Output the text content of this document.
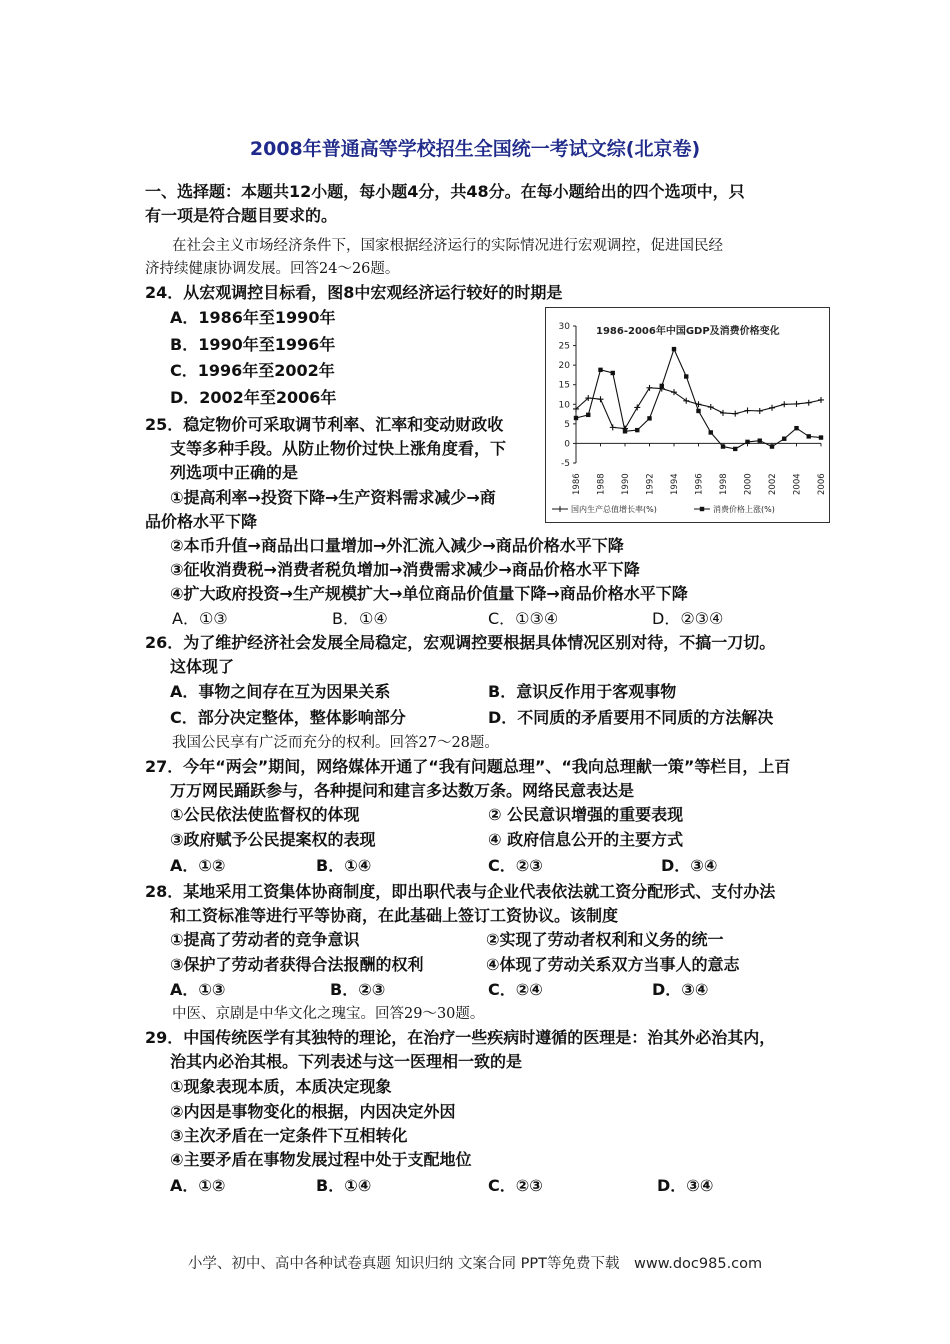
2008年普通高等学校招生全国统一考试文综(北京卷)
一、选择题：本题共12小题，每小题4分，共48分。在每小题给出的四个选项中，只
有一项是符合题目要求的。
在社会主义市场经济条件下，国家根据经济运行的实际情况进行宏观调控，促进国民经
济持续健康协调发展。回答24～26题。
24．从宏观调控目标看，图8中宏观经济运行较好的时期是
A．1986年至1990年
B．1990年至1996年
C．1996年至2002年
D．2002年至2006年
1986-2006年中国GDP及消费价格变化
30
25
20
15
10
5
0
-5
1986 1988 1990 1992 1994 1996 1998 2000 2002 2004 2006
国内生产总值增长率(%)	消费价格上涨(%)
25．稳定物价可采取调节利率、汇率和变动财政收
支等多种手段。从防止物价过快上涨角度看，下
列选项中正确的是
①提高利率→投资下降→生产资料需求减少→商
品价格水平下降
②本币升值→商品出口量增加→外汇流入减少→商品价格水平下降
③征收消费税→消费者税负增加→消费需求减少→商品价格水平下降
④扩大政府投资→生产规模扩大→单位商品价值量下降→商品价格水平下降
A．①③	B．①④	C．①③④	D．②③④
26．为了维护经济社会发展全局稳定，宏观调控要根据具体情况区别对待，不搞一刀切。
这体现了
A．事物之间存在互为因果关系	B．意识反作用于客观事物
C．部分决定整体，整体影响部分	D．不同质的矛盾要用不同质的方法解决
我国公民享有广泛而充分的权利。回答27～28题。
27．今年“两会”期间，网络媒体开通了“我有问题总理”、“我向总理献一策”等栏目，上百
万万网民踊跃参与，各种提问和建言多达数万条。网络民意表达是
①公民依法使监督权的体现	② 公民意识增强的重要表现
③政府赋予公民提案权的表现	④ 政府信息公开的主要方式
A．①②	B．①④	C．②③	D．③④
28．某地采用工资集体协商制度，即出职代表与企业代表依法就工资分配形式、支付办法
和工资标准等进行平等协商，在此基础上签订工资协议。该制度
①提高了劳动者的竞争意识	②实现了劳动者权利和义务的统一
③保护了劳动者获得合法报酬的权利	④体现了劳动关系双方当事人的意志
A．①③	B．②③	C．②④	D．③④
中医、京剧是中华文化之瑰宝。回答29～30题。
29．中国传统医学有其独特的理论，在治疗一些疾病时遵循的医理是：治其外必治其内，
治其内必治其根。下列表述与这一医理相一致的是
①现象表现本质，本质决定现象
②内因是事物变化的根据，内因决定外因
③主次矛盾在一定条件下互相转化
④主要矛盾在事物发展过程中处于支配地位
A．①②	B．①④	C．②③	D．③④
小学、初中、高中各种试卷真题 知识归纳 文案合同 PPT等免费下载　www.doc985.com
